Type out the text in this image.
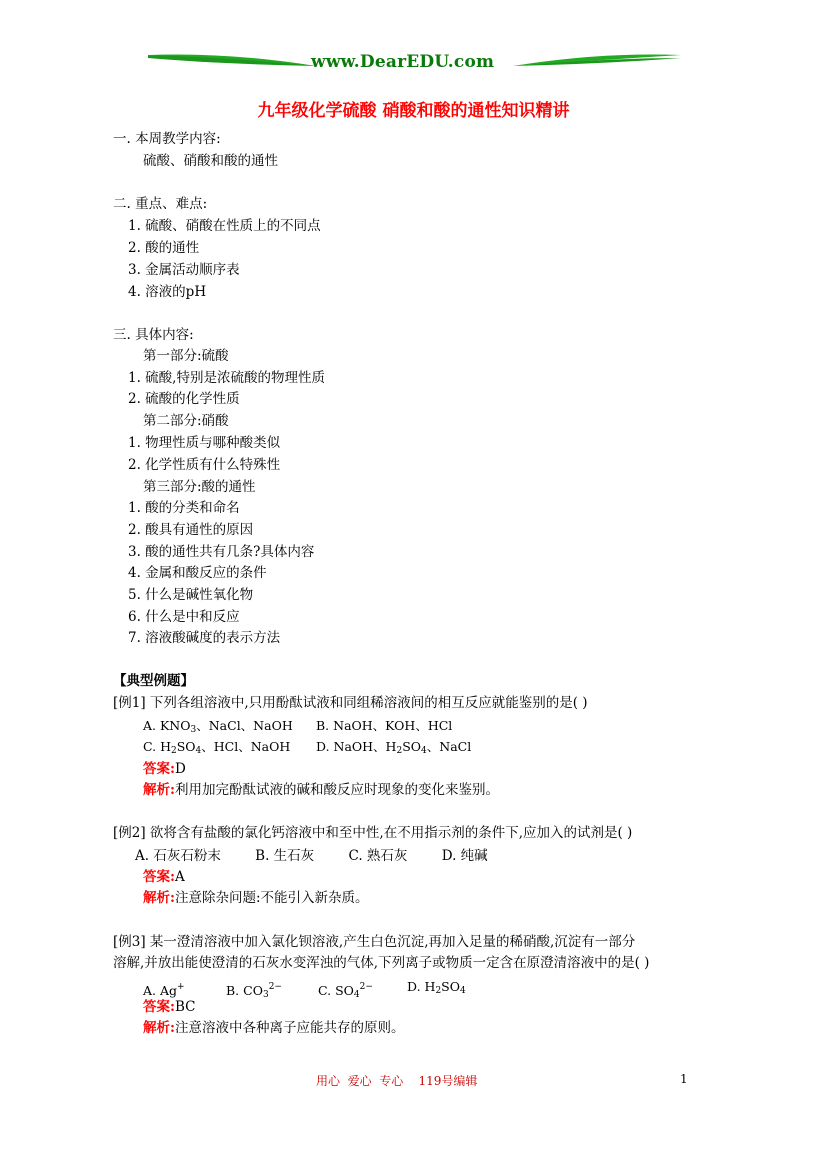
www.DearEDU.com
九年级化学硫酸 硝酸和酸的通性知识精讲
一. 本周教学内容:
硫酸、硝酸和酸的通性
二. 重点、难点:
1. 硫酸、硝酸在性质上的不同点
2. 酸的通性
3. 金属活动顺序表
4. 溶液的pH
三. 具体内容:
第一部分:硫酸
1. 硫酸,特别是浓硫酸的物理性质
2. 硫酸的化学性质
第二部分:硝酸
1. 物理性质与哪种酸类似
2. 化学性质有什么特殊性
第三部分:酸的通性
1. 酸的分类和命名
2. 酸具有通性的原因
3. 酸的通性共有几条?具体内容
4. 金属和酸反应的条件
5. 什么是碱性氧化物
6. 什么是中和反应
7. 溶液酸碱度的表示方法
【典型例题】
[例1] 下列各组溶液中,只用酚酞试液和同组稀溶液间的相互反应就能鉴别的是( )
A. $KNO_3$、NaCl、NaOH B. NaOH、KOH、HCl
C. $H_2SO_4$、HCl、NaOH D. NaOH、$H_2SO_4$、NaCl
答案:D
解析:利用加完酚酞试液的碱和酸反应时现象的变化来鉴别。
[例2] 欲将含有盐酸的氯化钙溶液中和至中性,在不用指示剂的条件下,应加入的试剂是( )
A. 石灰石粉末        B. 生石灰        C. 熟石灰        D. 纯碱
答案:A
解析:注意除杂问题:不能引入新杂质。
[例3] 某一澄清溶液中加入氯化钡溶液,产生白色沉淀,再加入足量的稀硝酸,沉淀有一部分
溶解,并放出能使澄清的石灰水变浑浊的气体,下列离子或物质一定含在原澄清溶液中的是( )
A. Ag+	B. $CO_3^{2-}$	C. $SO_4^{2-}$	D. $H_2SO_4$
答案:BC
解析:注意溶液中各种离子应能共存的原则。
用心  爱心  专心    119号编辑	1
